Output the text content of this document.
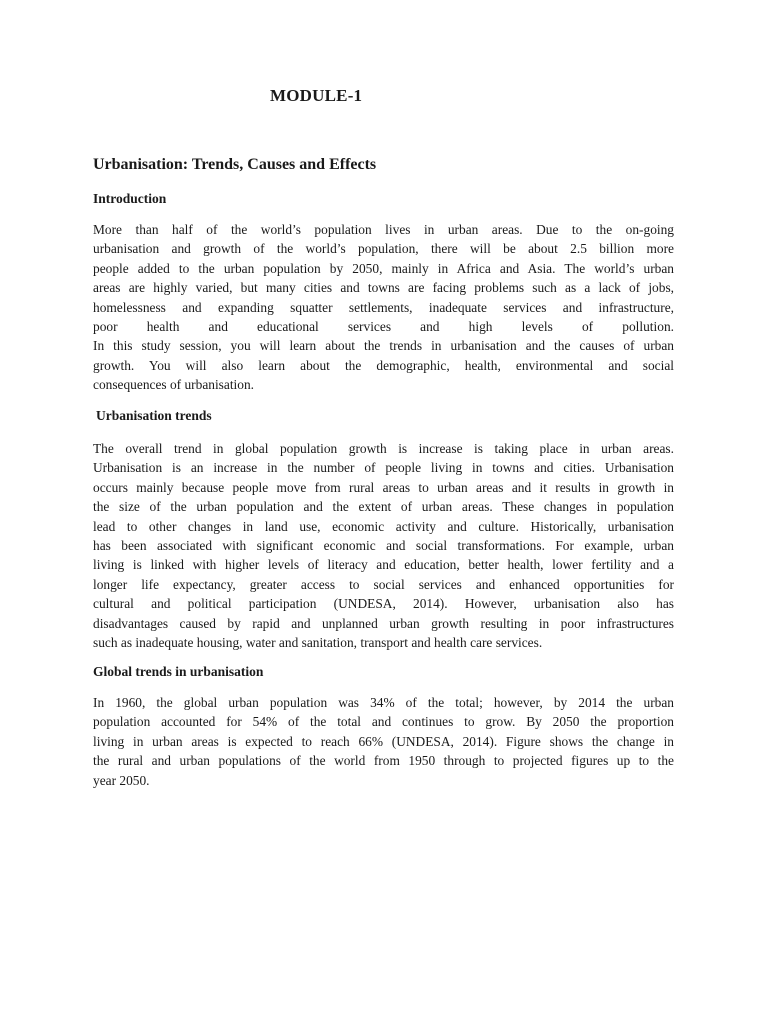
MODULE-1
Urbanisation: Trends, Causes and Effects
Introduction
More than half of the world’s population lives in urban areas. Due to the on-going
urbanisation and growth of the world’s population, there will be about 2.5 billion more
people added to the urban population by 2050, mainly in Africa and Asia. The world’s urban
areas are highly varied, but many cities and towns are facing problems such as a lack of jobs,
homelessness and expanding squatter settlements, inadequate services and infrastructure,
poor health and educational services and high levels of pollution.
In this study session, you will learn about the trends in urbanisation and the causes of urban
growth. You will also learn about the demographic, health, environmental and social
consequences of urbanisation.
Urbanisation trends
The overall trend in global population growth is increase is taking place in urban areas.
Urbanisation is an increase in the number of people living in towns and cities. Urbanisation
occurs mainly because people move from rural areas to urban areas and it results in growth in
the size of the urban population and the extent of urban areas. These changes in population
lead to other changes in land use, economic activity and culture. Historically, urbanisation
has been associated with significant economic and social transformations. For example, urban
living is linked with higher levels of literacy and education, better health, lower fertility and a
longer life expectancy, greater access to social services and enhanced opportunities for
cultural and political participation (UNDESA, 2014). However, urbanisation also has
disadvantages caused by rapid and unplanned urban growth resulting in poor infrastructures
such as inadequate housing, water and sanitation, transport and health care services.
Global trends in urbanisation
In 1960, the global urban population was 34% of the total; however, by 2014 the urban
population accounted for 54% of the total and continues to grow. By 2050 the proportion
living in urban areas is expected to reach 66% (UNDESA, 2014). Figure shows the change in
the rural and urban populations of the world from 1950 through to projected figures up to the
year 2050.
